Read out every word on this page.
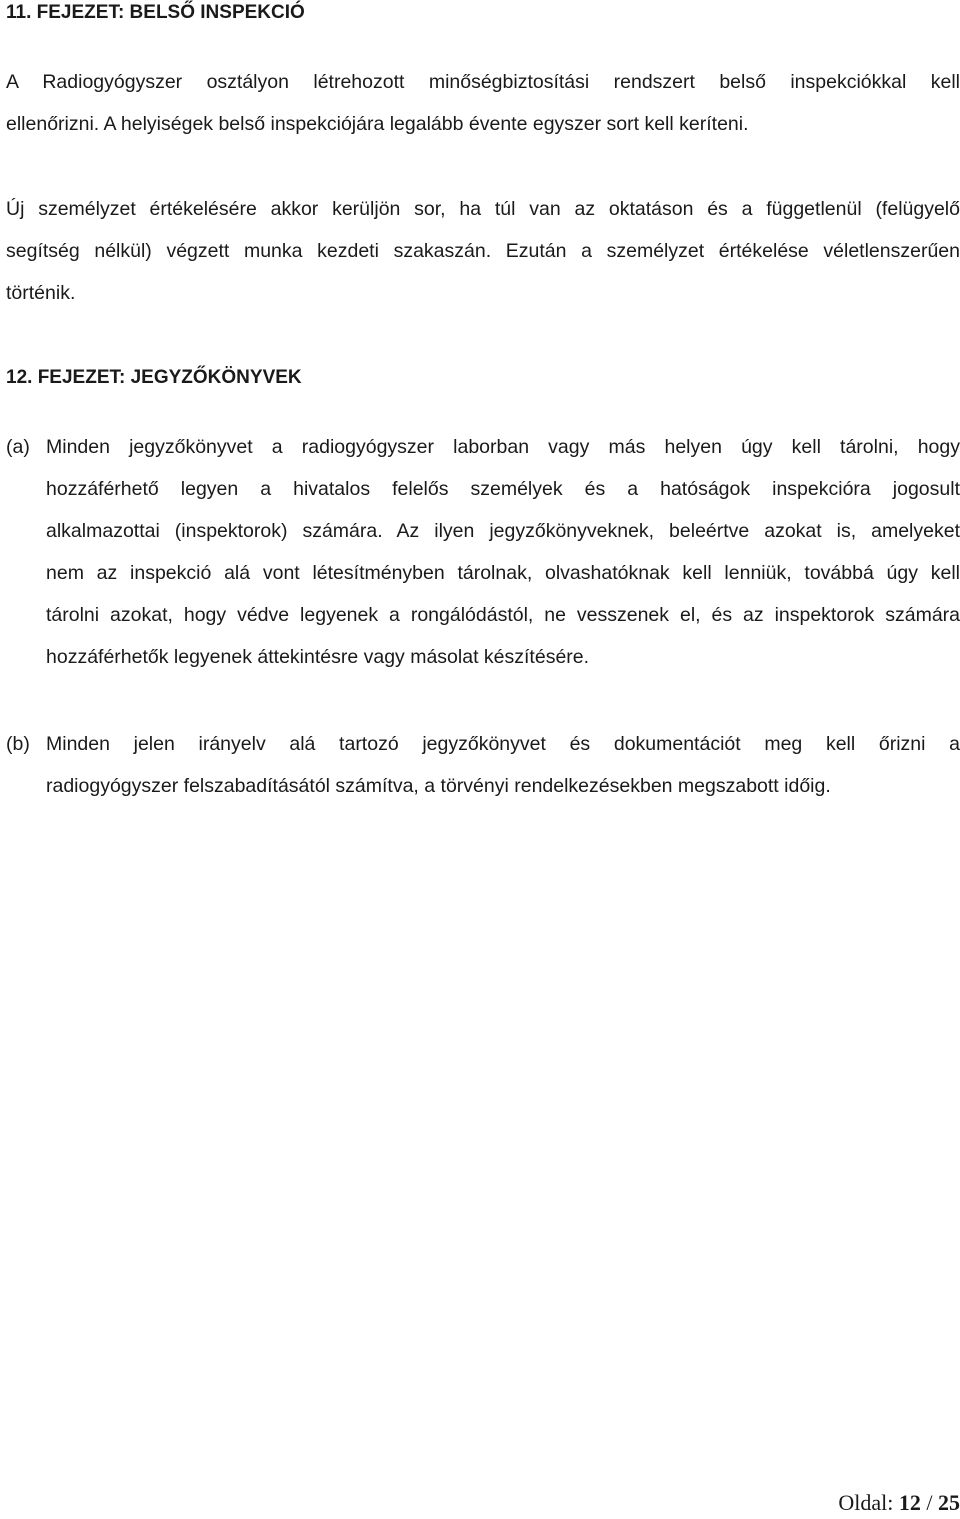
11. FEJEZET: BELSŐ INSPEKCIÓ

A Radiogyógyszer osztályon létrehozott minőségbiztosítási rendszert belső inspekciókkal kell
ellenőrizni. A helyiségek belső inspekciójára legalább évente egyszer sort kell keríteni.

Új személyzet értékelésére akkor kerüljön sor, ha túl van az oktatáson és a függetlenül (felügyelő
segítség nélkül) végzett munka kezdeti szakaszán. Ezután a személyzet értékelése véletlenszerűen
történik.

12. FEJEZET: JEGYZŐKÖNYVEK
(a) Minden jegyzőkönyvet a radiogyógyszer laborban vagy más helyen úgy kell tárolni, hogy
hozzáférhető legyen a hivatalos felelős személyek és a hatóságok inspekcióra jogosult
alkalmazottai (inspektorok) számára. Az ilyen jegyzőkönyveknek, beleértve azokat is, amelyeket
nem az inspekció alá vont létesítményben tárolnak, olvashatóknak kell lenniük, továbbá úgy kell
tárolni azokat, hogy védve legyenek a rongálódástól, ne vesszenek el, és az inspektorok számára
hozzáférhetők legyenek áttekintésre vagy másolat készítésére.
(b) Minden jelen irányelv alá tartozó jegyzőkönyvet és dokumentációt meg kell őrizni a
radiogyógyszer felszabadításától számítva, a törvényi rendelkezésekben megszabott időig.
Oldal: 12 / 25
